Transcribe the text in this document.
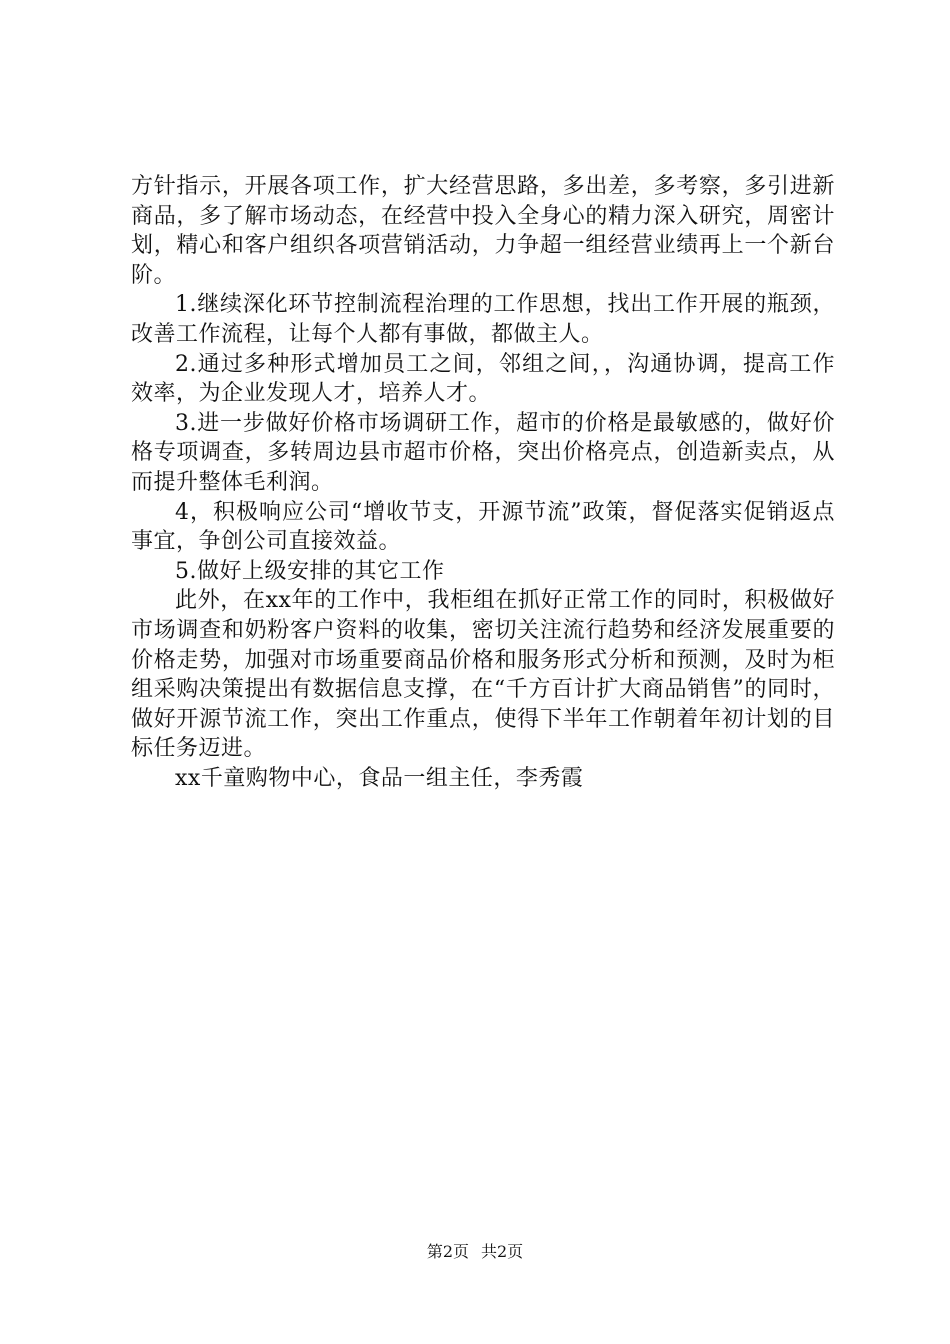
方针指示，开展各项工作，扩大经营思路，多出差，多考察，多引进新商品，多了解市场动态，在经营中投入全身心的精力深入研究，周密计划，精心和客户组织各项营销活动，力争超一组经营业绩再上一个新台阶。

1.继续深化环节控制流程治理的工作思想，找出工作开展的瓶颈，改善工作流程，让每个人都有事做，都做主人。

2.通过多种形式增加员工之间，邻组之间，，沟通协调，提高工作效率，为企业发现人才，培养人才。

3.进一步做好价格市场调研工作，超市的价格是最敏感的，做好价格专项调查，多转周边县市超市价格，突出价格亮点，创造新卖点，从而提升整体毛利润。

4，积极响应公司“增收节支，开源节流”政策，督促落实促销返点事宜，争创公司直接效益。

5.做好上级安排的其它工作

此外，在xx年的工作中，我柜组在抓好正常工作的同时，积极做好市场调查和奶粉客户资料的收集，密切关注流行趋势和经济发展重要的价格走势，加强对市场重要商品价格和服务形式分析和预测，及时为柜组采购决策提出有数据信息支撑，在“千方百计扩大商品销售”的同时，做好开源节流工作，突出工作重点，使得下半年工作朝着年初计划的目标任务迈进。

xx千童购物中心，食品一组主任，李秀霞

第2页 共2页
